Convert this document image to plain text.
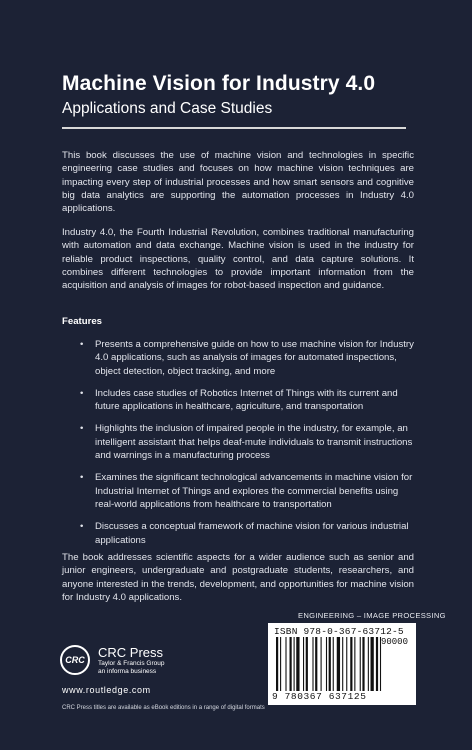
Machine Vision for Industry 4.0
Applications and Case Studies

This book discusses the use of machine vision and technologies in specific engineering case studies and focuses on how machine vision techniques are impacting every step of industrial processes and how smart sensors and cognitive big data analytics are supporting the automation processes in Industry 4.0 applications.

Industry 4.0, the Fourth Industrial Revolution, combines traditional manufacturing with automation and data exchange. Machine vision is used in the industry for reliable product inspections, quality control, and data capture solutions. It combines different technologies to provide important information from the acquisition and analysis of images for robot-based inspection and guidance.

Features
• Presents a comprehensive guide on how to use machine vision for Industry 4.0 applications, such as analysis of images for automated inspections, object detection, object tracking, and more
• Includes case studies of Robotics Internet of Things with its current and future applications in healthcare, agriculture, and transportation
• Highlights the inclusion of impaired people in the industry, for example, an intelligent assistant that helps deaf-mute individuals to transmit instructions and warnings in a manufacturing process
• Examines the significant technological advancements in machine vision for Industrial Internet of Things and explores the commercial benefits using real-world applications from healthcare to transportation
• Discusses a conceptual framework of machine vision for various industrial applications

The book addresses scientific aspects for a wider audience such as senior and junior engineers, undergraduate and postgraduate students, researchers, and anyone interested in the trends, development, and opportunities for machine vision for Industry 4.0 applications.

ENGINEERING – IMAGE PROCESSING
ISBN 978-0-367-63712-5
90000
9 780367 637125
CRC CRC Press
Taylor & Francis Group
an informa business
www.routledge.com
CRC Press titles are available as eBook editions in a range of digital formats
